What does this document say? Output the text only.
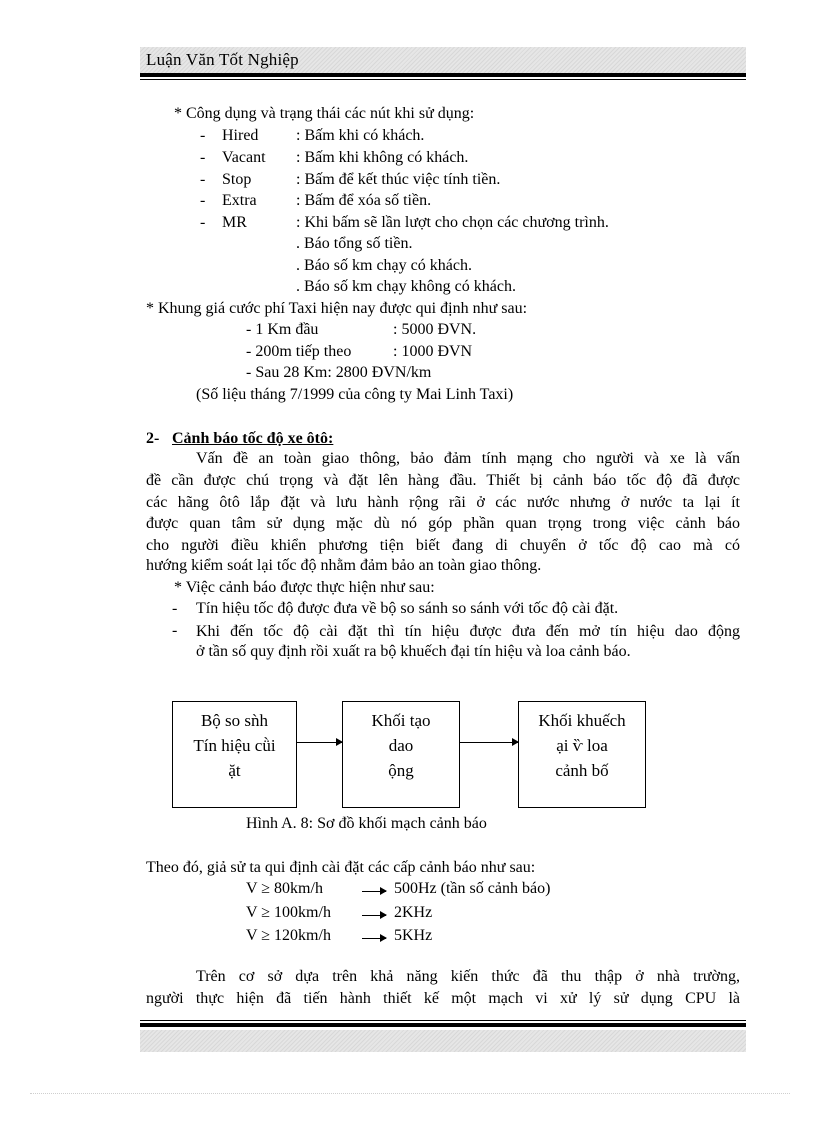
Luận Văn Tốt Nghiệp
* Công dụng và trạng thái các nút khi sử dụng:
- Hired : Bấm khi có khách.
- Vacant : Bấm khi không có khách.
- Stop	: Bấm để kết thúc việc tính tiền.
- Extra : Bấm để xóa số tiền.
- MR	: Khi bấm sẽ lần lượt cho chọn các chương trình.
. Báo tổng số tiền.
. Báo số km chạy có khách.
. Báo số km chạy không có khách.
* Khung giá cước phí Taxi hiện nay được qui định như sau:
- 1 Km đầu	: 5000 ĐVN.
- 200m tiếp theo	: 1000 ĐVN
- Sau 28 Km: 2800 ĐVN/km
(Số liệu tháng 7/1999 của công ty Mai Linh Taxi)
2- Cảnh báo tốc độ xe ôtô:
Vấn đề an toàn giao thông, bảo đảm tính mạng cho người và xe là vấn
đề cần được chú trọng và đặt lên hàng đầu. Thiết bị cảnh báo tốc độ đã được
các hãng ôtô lắp đặt và lưu hành rộng rãi ở các nước nhưng ở nước ta lại ít
được quan tâm sử dụng mặc dù nó góp phần quan trọng trong việc cảnh báo
cho người điều khiển phương tiện biết đang di chuyển ở tốc độ cao mà có
hướng kiểm soát lại tốc độ nhằm đảm bảo an toàn giao thông.
* Việc cảnh báo được thực hiện như sau:
- Tín hiệu tốc độ được đưa về bộ so sánh so sánh với tốc độ cài đặt.
- Khi đến tốc độ cài đặt thì tín hiệu được đưa đến mở tín hiệu dao động
ở tần số quy định rồi xuất ra bộ khuếch đại tín hiệu và loa cảnh báo.
Bộ so sǹh
Tín hiệu cǜi
ặt
Khối tạo
dao
ộng
Khối khuếch
ại ѷ loa
cảnh bố
Hình A. 8: Sơ đồ khối mạch cảnh báo
Theo đó, giả sử ta qui định cài đặt các cấp cảnh báo như sau:
V ≥ 80km/h	500Hz (tần số cảnh báo)
V ≥ 100km/h	2KHz
V ≥ 120km/h	5KHz
Trên cơ sở dựa trên khả năng kiến thức đã thu thập ở nhà trường,
người thực hiện đã tiến hành thiết kế một mạch vi xử lý sử dụng CPU là
